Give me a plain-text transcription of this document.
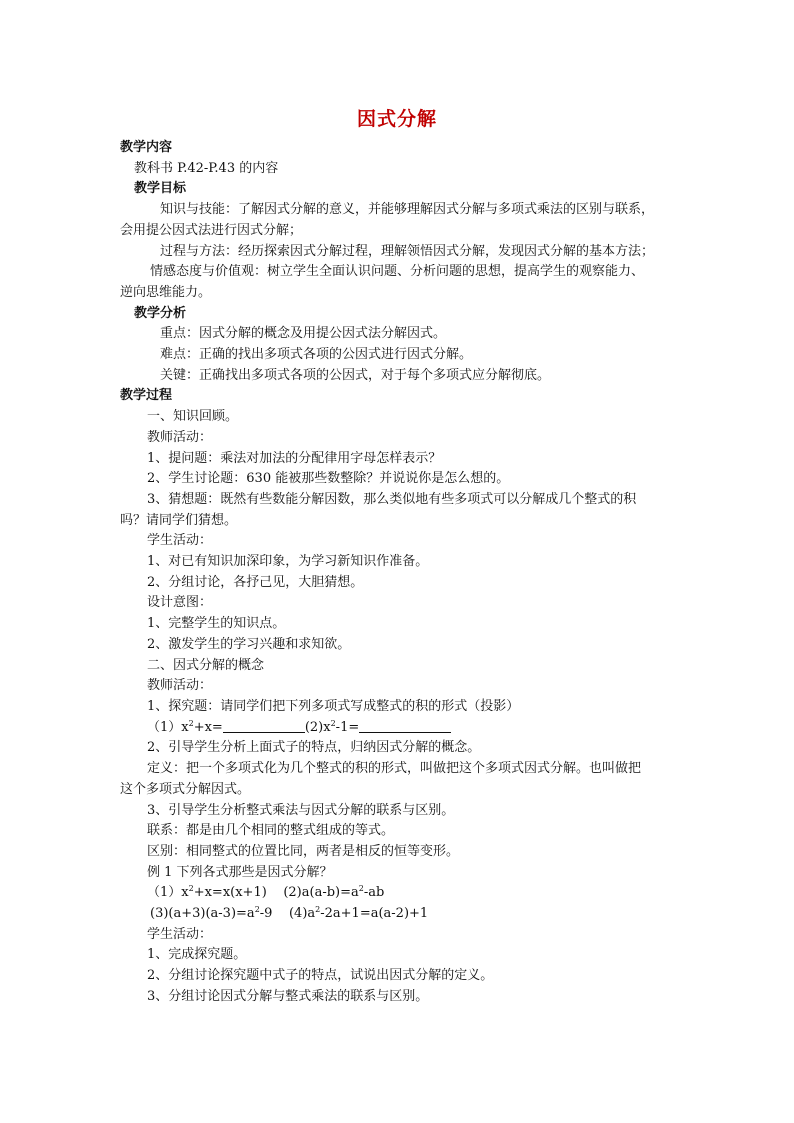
因式分解
教学内容
教科书 P.42-P.43 的内容
教学目标
知识与技能：了解因式分解的意义，并能够理解因式分解与多项式乘法的区别与联系，
会用提公因式法进行因式分解；
过程与方法：经历探索因式分解过程，理解领悟因式分解，发现因式分解的基本方法；
情感态度与价值观：树立学生全面认识问题、分析问题的思想，提高学生的观察能力、
逆向思维能力。
教学分析
重点：因式分解的概念及用提公因式法分解因式。
难点：正确的找出多项式各项的公因式进行因式分解。
关键：正确找出多项式各项的公因式，对于每个多项式应分解彻底。
教学过程
一、知识回顾。
教师活动：
1、提问题：乘法对加法的分配律用字母怎样表示？
2、学生讨论题：630 能被那些数整除？并说说你是怎么想的。
3、猜想题：既然有些数能分解因数，那么类似地有些多项式可以分解成几个整式的积
吗？请同学们猜想。
学生活动：
1、对已有知识加深印象，为学习新知识作准备。
2、分组讨论，各抒己见，大胆猜想。
设计意图：
1、完整学生的知识点。
2、激发学生的学习兴趣和求知欲。
二、因式分解的概念
教师活动：
1、探究题：请同学们把下列多项式写成整式的积的形式（投影）
$(1)x^2+x=$	$(2)x^2-1=$
2、引导学生分析上面式子的特点，归纳因式分解的概念。
定义：把一个多项式化为几个整式的积的形式，叫做把这个多项式因式分解。也叫做把
这个多项式分解因式。
3、引导学生分析整式乘法与因式分解的联系与区别。
联系：都是由几个相同的整式组成的等式。
区别：相同整式的位置比同，两者是相反的恒等变形。
例 1 下列各式那些是因式分解？
$(1)x^2+x=x(x+1)$ $(2)a(a-b)=a^2-ab$
$(3)(a+3)(a-3)=a^2-9$ $(4)a^2-2a+1=a(a-2)+1$
学生活动：
1、完成探究题。
2、分组讨论探究题中式子的特点，试说出因式分解的定义。
3、分组讨论因式分解与整式乘法的联系与区别。
